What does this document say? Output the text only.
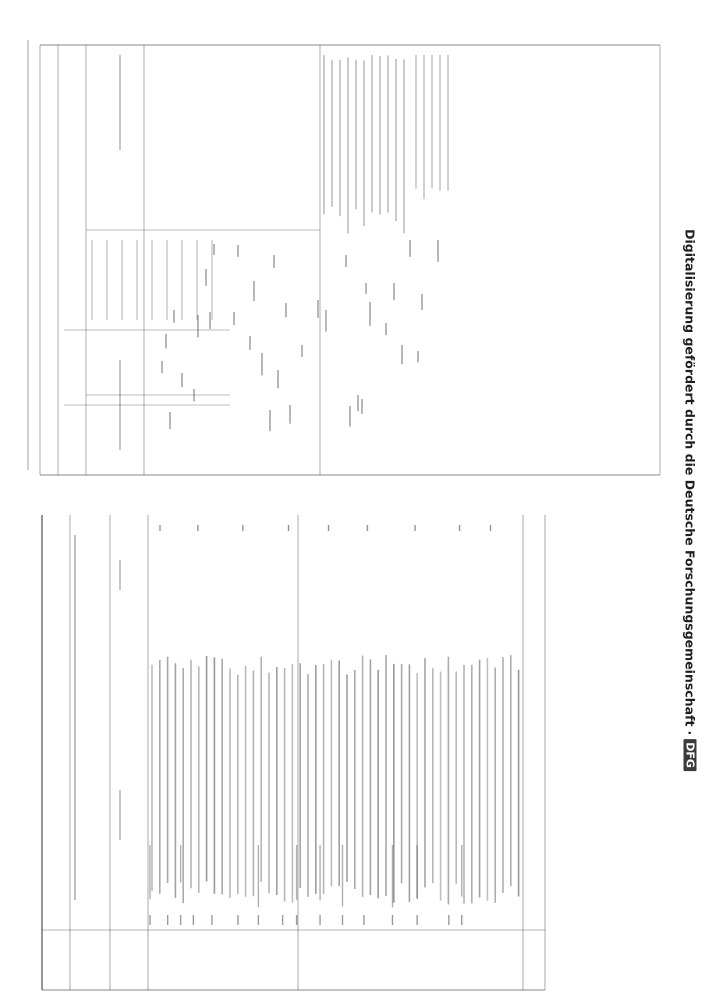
Digitalisierung gefördert durch die Deutsche Forschungsgemeinschaft
·
DFG
